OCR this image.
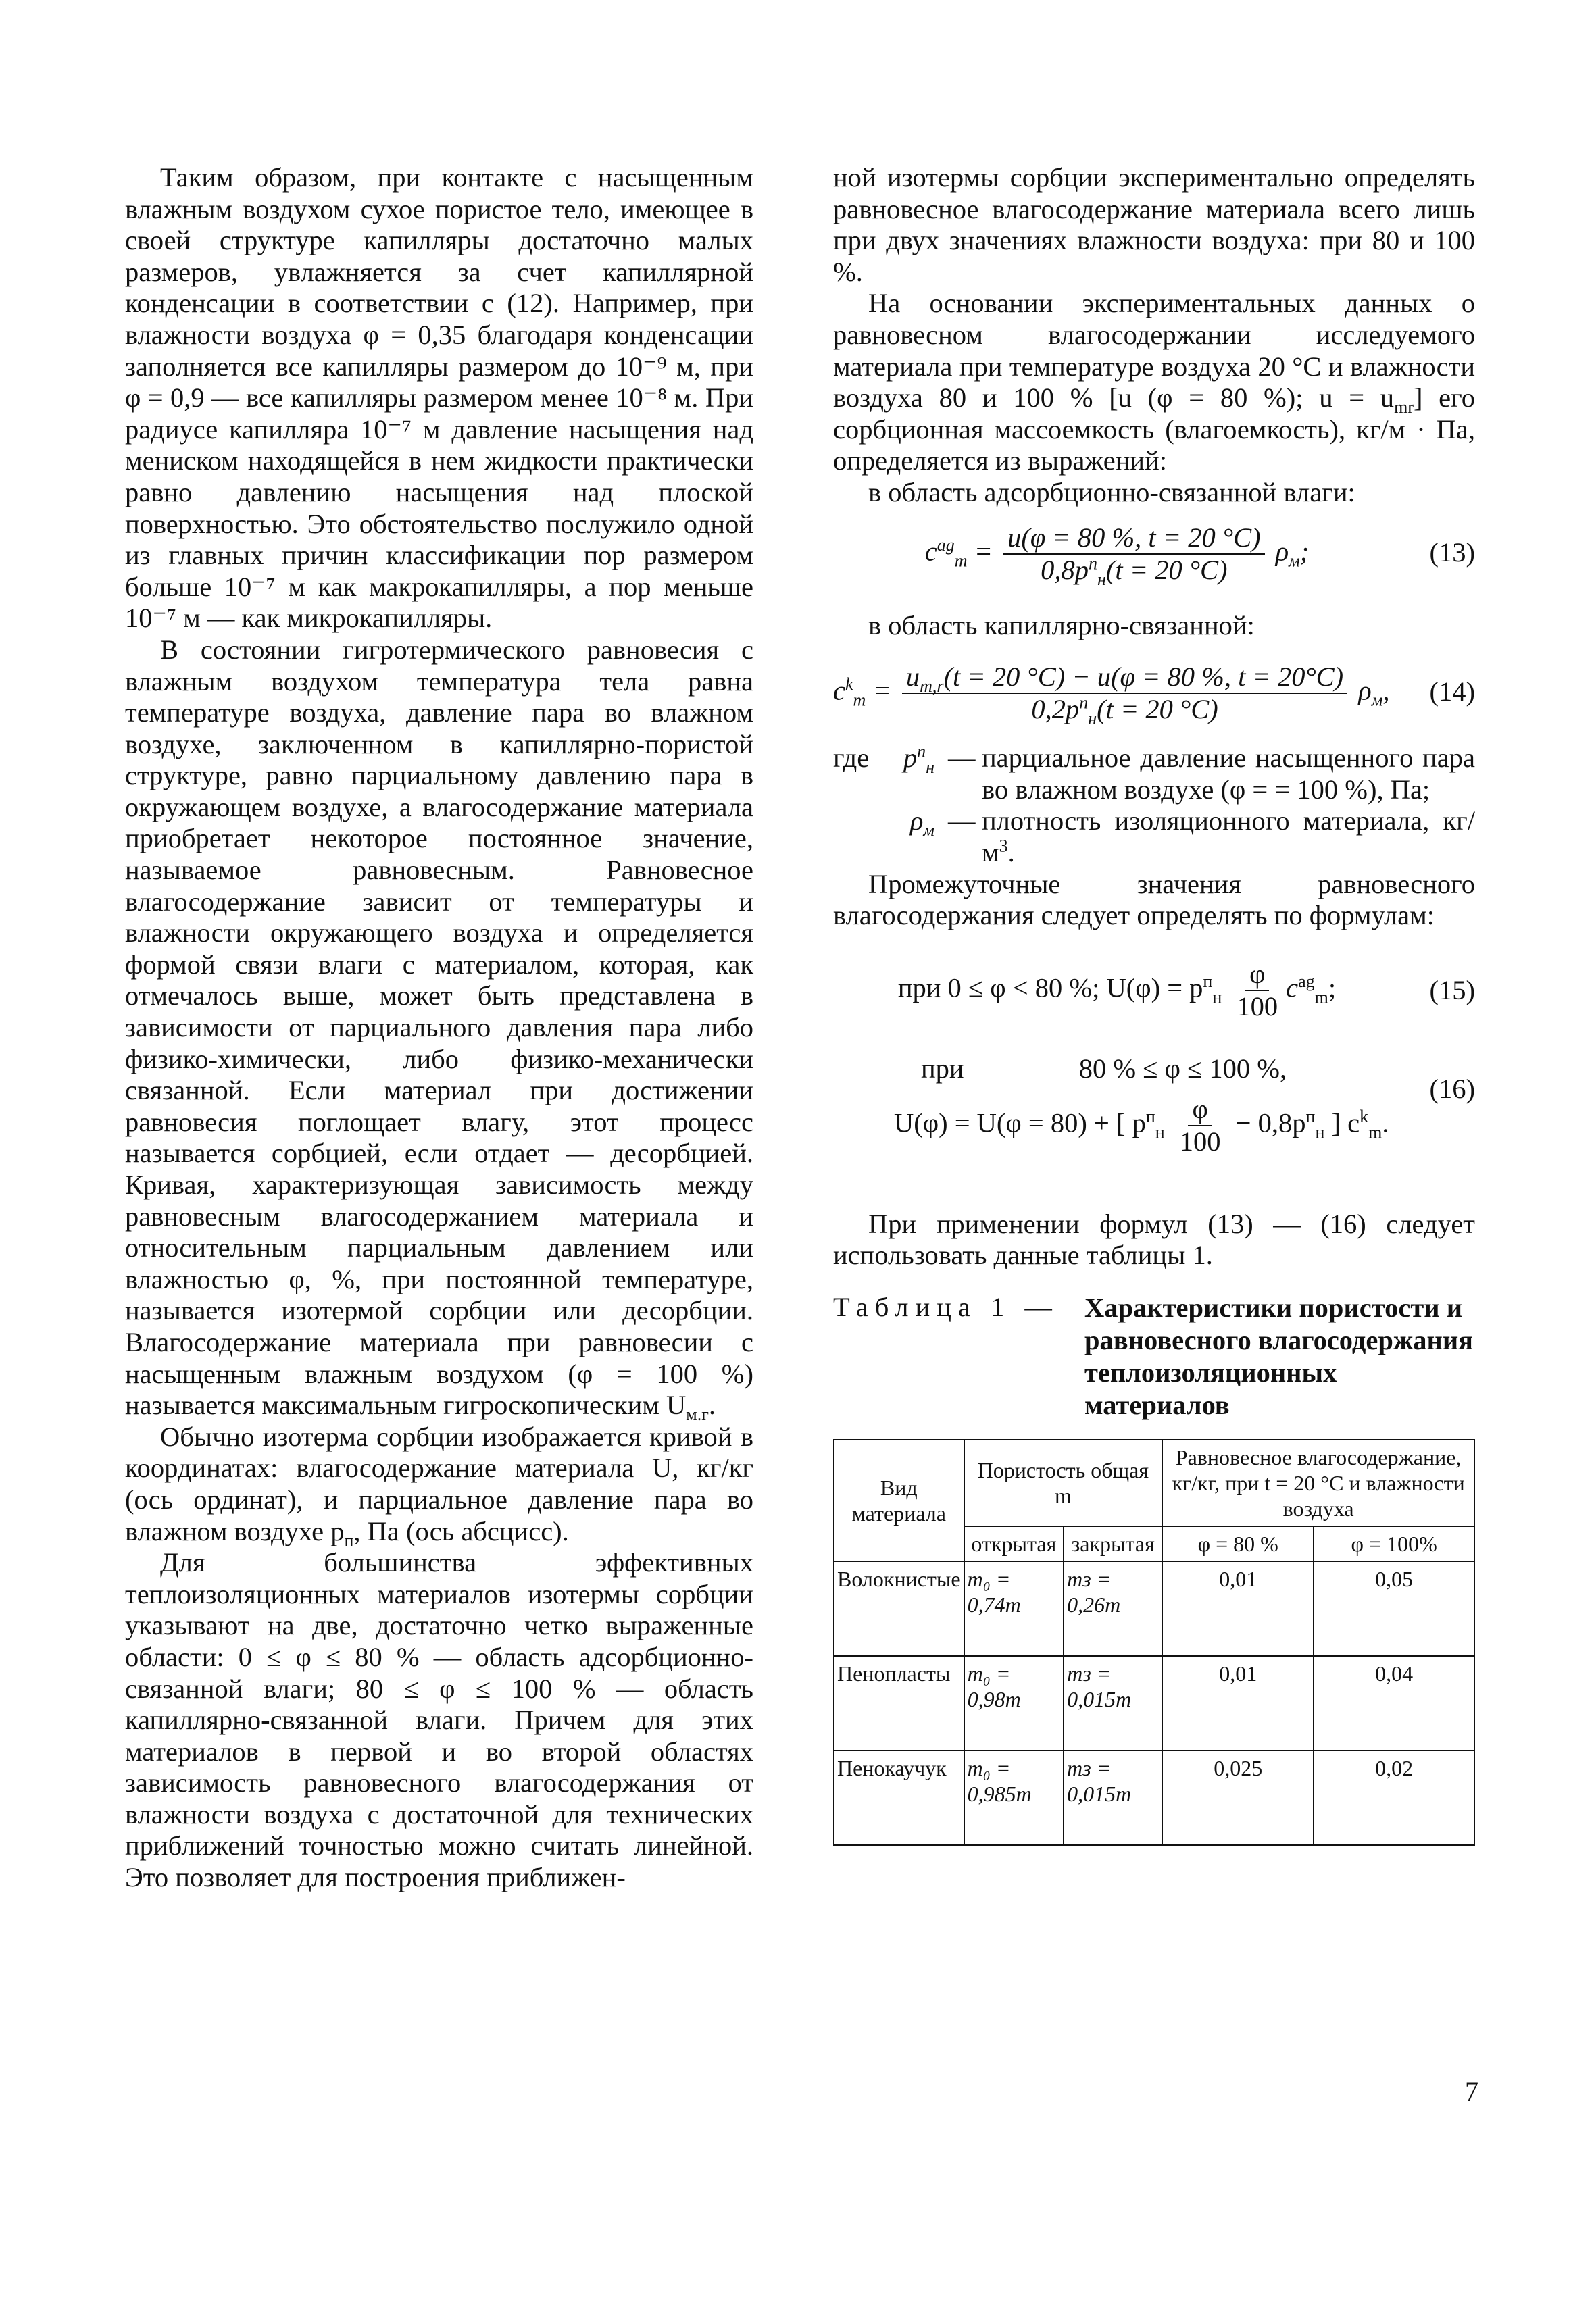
Таким образом, при контакте с насыщенным влажным воздухом сухое пористое тело, имеющее в своей структуре капилляры достаточно малых размеров, увлажняется за счет капиллярной конденсации в соответствии с (12). Например, при влажности воздуха φ = 0,35 благодаря конденсации заполняется все капилляры размером до 10⁻⁹ м, при φ = 0,9 — все капилляры размером менее 10⁻⁸ м. При радиусе капилляра 10⁻⁷ м давление насыщения над мениском находящейся в нем жидкости практически равно давлению насыщения над плоской поверхностью. Это обстоятельство послужило одной из главных причин классификации пор размером больше 10⁻⁷ м как макрокапилляры, а пор меньше 10⁻⁷ м — как микрокапилляры.

В состоянии гигротермического равновесия с влажным воздухом температура тела равна температуре воздуха, давление пара во влажном воздухе, заключенном в капиллярно-пористой структуре, равно парциальному давлению пара в окружающем воздухе, а влагосодержание материала приобретает некоторое постоянное значение, называемое равновесным. Равновесное влагосодержание зависит от температуры и влажности окружающего воздуха и определяется формой связи влаги с материалом, которая, как отмечалось выше, может быть представлена в зависимости от парциального давления пара либо физико-химически, либо физико-механически связанной. Если материал при достижении равновесия поглощает влагу, этот процесс называется сорбцией, если отдает — десорбцией. Кривая, характеризующая зависимость между равновесным влагосодержанием материала и относительным парциальным давлением или влажностью φ, %, при постоянной температуре, называется изотермой сорбции или десорбции. Влагосодержание материала при равновесии с насыщенным влажным воздухом (φ = 100 %) называется максимальным гигроскопическим $U_{м.г}$.

Обычно изотерма сорбции изображается кривой в координатах: влагосодержание материала U, кг/кг (ось ординат), и парциальное давление пара во влажном воздухе $p_п$, Па (ось абсцисс).

Для большинства эффективных теплоизоляционных материалов изотермы сорбции указывают на две, достаточно четко выраженные области: 0 ≤ φ ≤ 80 % — область адсорбционно-связанной влаги; 80 ≤ φ ≤ 100 % — область капиллярно-связанной влаги. Причем для этих материалов в первой и во второй областях зависимость равновесного влагосодержания от влажности воздуха с достаточной для технических приближений точностью можно считать линейной. Это позволяет для построения приближен-

ной изотермы сорбции экспериментально определять равновесное влагосодержание материала всего лишь при двух значениях влажности воздуха: при 80 и 100 %.

На основании экспериментальных данных о равновесном влагосодержании исследуемого материала при температуре воздуха 20 °С и влажности воздуха 80 и 100 % [u (φ = 80 %); $u = u_{mr}$] его сорбционная массоемкость (влагоемкость), кг/м · Па, определяется из выражений:

в область адсорбционно-связанной влаги:

$c^{ag}_m = \frac{u(\varphi = 80 \%, t = 20 ^\circ C)}{0,8p^п_н(t = 20 ^\circ C)} \rho_м$;	(13)

в область капиллярно-связанной:

$c^k_m = \frac{u_{m,r}(t = 20 ^\circ C) - u(\varphi = 80 \%, t = 20^\circ C)}{0,2p^п_н(t = 20 ^\circ C)} \rho_м$,	(14)
где	$p^п_н$ — парциальное давление насыщенного пара во влажном воздухе (φ = = 100 %), Па;
$\rho_м$ — плотность изоляционного материала, $кг/м^3$.

Промежуточные значения равновесного влагосодержания следует определять по формулам:

при 0 ≤ φ < 80 %; $U(\varphi) = p^п_н \frac{\varphi}{100} c^{ag}_m$;	(15)
при	80 % ≤ φ ≤ 100 %,
U(φ) = U(φ = 80) + [ $p^п_н \frac{\varphi}{100} - 0,8p^п_н$ ] $c^k_m$.
(16)

При применении формул (13) — (16) следует использовать данные таблицы 1.

Таблица 1 — Характеристики пористости и равновесного влагосодержания теплоизоляционных материалов
Вид материала	Пористость общая m		Равновесное влагосодержание, кг/кг, при t = 20 °С и влажности воздуха	
	открытая	закрытая	φ = 80 %	φ = 100%
Волокнистые	m₀ = 0,74m	mз = 0,26m	0,01	0,05
Пенопласты	m₀ = 0,98m	mз = 0,015m	0,01	0,04
Пенокаучук	m₀ = 0,985m	mз = 0,015m	0,025	0,02
7
